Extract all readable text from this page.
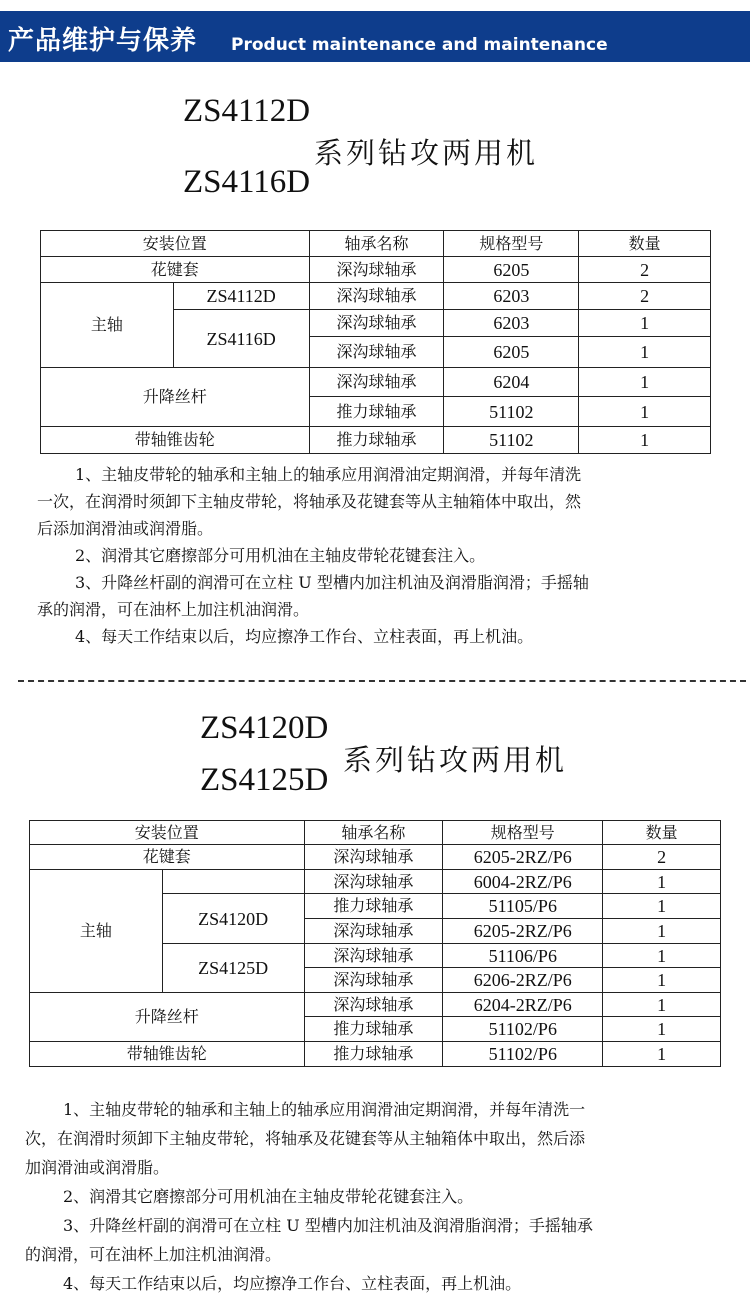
产品维护与保养 Product maintenance and maintenance
ZS4112D
系列钻攻两用机
ZS4116D
安装位置		轴承名称	规格型号	数量
花键套		深沟球轴承	6205	2
主轴	ZS4112D	深沟球轴承	6203	2
	ZS4116D	深沟球轴承	6203	1
		深沟球轴承	6205	1
升降丝杆		深沟球轴承	6204	1
		推力球轴承	51102	1
带轴锥齿轮		推力球轴承	51102	1

1、主轴皮带轮的轴承和主轴上的轴承应用润滑油定期润滑，并每年清洗

一次，在润滑时须卸下主轴皮带轮，将轴承及花键套等从主轴箱体中取出，然

后添加润滑油或润滑脂。

2、润滑其它磨擦部分可用机油在主轴皮带轮花键套注入。

3、升降丝杆副的润滑可在立柱 U 型槽内加注机油及润滑脂润滑；手摇轴

承的润滑，可在油杯上加注机油润滑。

4、每天工作结束以后，均应擦净工作台、立柱表面，再上机油。

ZS4120D
系列钻攻两用机
ZS4125D
安装位置		轴承名称	规格型号	数量
花键套		深沟球轴承	6205-2RZ/P6	2
主轴		深沟球轴承	6004-2RZ/P6	1
	ZS4120D	推力球轴承	51105/P6	1
		深沟球轴承	6205-2RZ/P6	1
	ZS4125D	深沟球轴承	51106/P6	1
		深沟球轴承	6206-2RZ/P6	1
升降丝杆		深沟球轴承	6204-2RZ/P6	1
		推力球轴承	51102/P6	1
带轴锥齿轮		推力球轴承	51102/P6	1

1、主轴皮带轮的轴承和主轴上的轴承应用润滑油定期润滑，并每年清洗一

次，在润滑时须卸下主轴皮带轮，将轴承及花键套等从主轴箱体中取出，然后添

加润滑油或润滑脂。

2、润滑其它磨擦部分可用机油在主轴皮带轮花键套注入。

3、升降丝杆副的润滑可在立柱 U 型槽内加注机油及润滑脂润滑；手摇轴承

的润滑，可在油杯上加注机油润滑。

4、每天工作结束以后，均应擦净工作台、立柱表面，再上机油。
